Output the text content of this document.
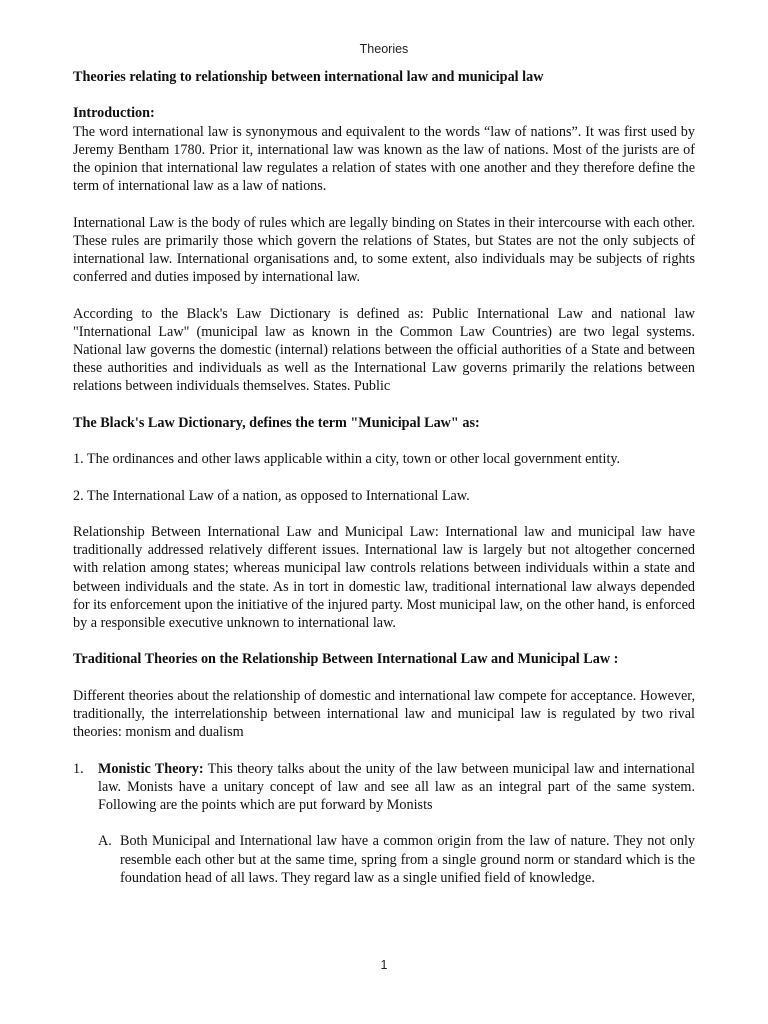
Theories

Theories relating to relationship between international law and municipal law

Introduction:

The word international law is synonymous and equivalent to the words “law of nations”. It was first used by Jeremy Bentham 1780. Prior it, international law was known as the law of nations. Most of the jurists are of the opinion that international law regulates a relation of states with one another and they therefore define the term of international law as a law of nations.

International Law is the body of rules which are legally binding on States in their intercourse with each other. These rules are primarily those which govern the relations of States, but States are not the only subjects of international law. International organisations and, to some extent, also individuals may be subjects of rights conferred and duties imposed by international law.

According to the Black's Law Dictionary is defined as: Public International Law and national law "International Law" (municipal law as known in the Common Law Countries) are two legal systems. National law governs the domestic (internal) relations between the official authorities of a State and between these authorities and individuals as well as the International Law governs primarily the relations between relations between individuals themselves. States. Public

The Black's Law Dictionary, defines the term "Municipal Law" as:

1. The ordinances and other laws applicable within a city, town or other local government entity.

2. The International Law of a nation, as opposed to International Law.

Relationship Between International Law and Municipal Law: International law and municipal law have traditionally addressed relatively different issues. International law is largely but not altogether concerned with relation among states; whereas municipal law controls relations between individuals within a state and between individuals and the state. As in tort in domestic law, traditional international law always depended for its enforcement upon the initiative of the injured party. Most municipal law, on the other hand, is enforced by a responsible executive unknown to international law.

Traditional Theories on the Relationship Between International Law and Municipal Law :

Different theories about the relationship of domestic and international law compete for acceptance. However, traditionally, the interrelationship between international law and municipal law is regulated by two rival theories: monism and dualism

1.	Monistic Theory: This theory talks about the unity of the law between municipal law and international law. Monists have a unitary concept of law and see all law as an integral part of the same system. Following are the points which are put forward by Monists
A. Both Municipal and International law have a common origin from the law of nature. They not only resemble each other but at the same time, spring from a single ground norm or standard which is the foundation head of all laws. They regard law as a single unified field of knowledge.
1
